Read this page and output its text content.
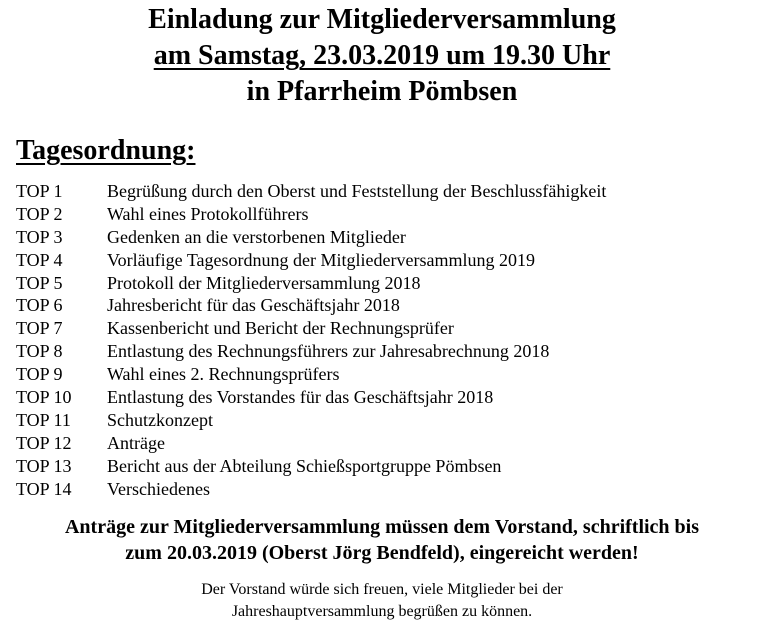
Einladung zur Mitgliederversammlung
am Samstag, 23.03.2019 um 19.30 Uhr
in Pfarrheim Pömbsen
Tagesordnung:
TOP 1	Begrüßung durch den Oberst und Feststellung der Beschlussfähigkeit
TOP 2	Wahl eines Protokollführers
TOP 3	Gedenken an die verstorbenen Mitglieder
TOP 4	Vorläufige Tagesordnung der Mitgliederversammlung 2019
TOP 5	Protokoll der Mitgliederversammlung 2018
TOP 6	Jahresbericht für das Geschäftsjahr 2018
TOP 7	Kassenbericht und Bericht der Rechnungsprüfer
TOP 8	Entlastung des Rechnungsführers zur Jahresabrechnung 2018
TOP 9	Wahl eines 2. Rechnungsprüfers
TOP 10	Entlastung des Vorstandes für das Geschäftsjahr 2018
TOP 11	Schutzkonzept
TOP 12	Anträge
TOP 13	Bericht aus der Abteilung Schießsportgruppe Pömbsen
TOP 14	Verschiedenes
Anträge zur Mitgliederversammlung müssen dem Vorstand, schriftlich bis
zum 20.03.2019 (Oberst Jörg Bendfeld), eingereicht werden!
Der Vorstand würde sich freuen, viele Mitglieder bei der
Jahreshauptversammlung begrüßen zu können.
